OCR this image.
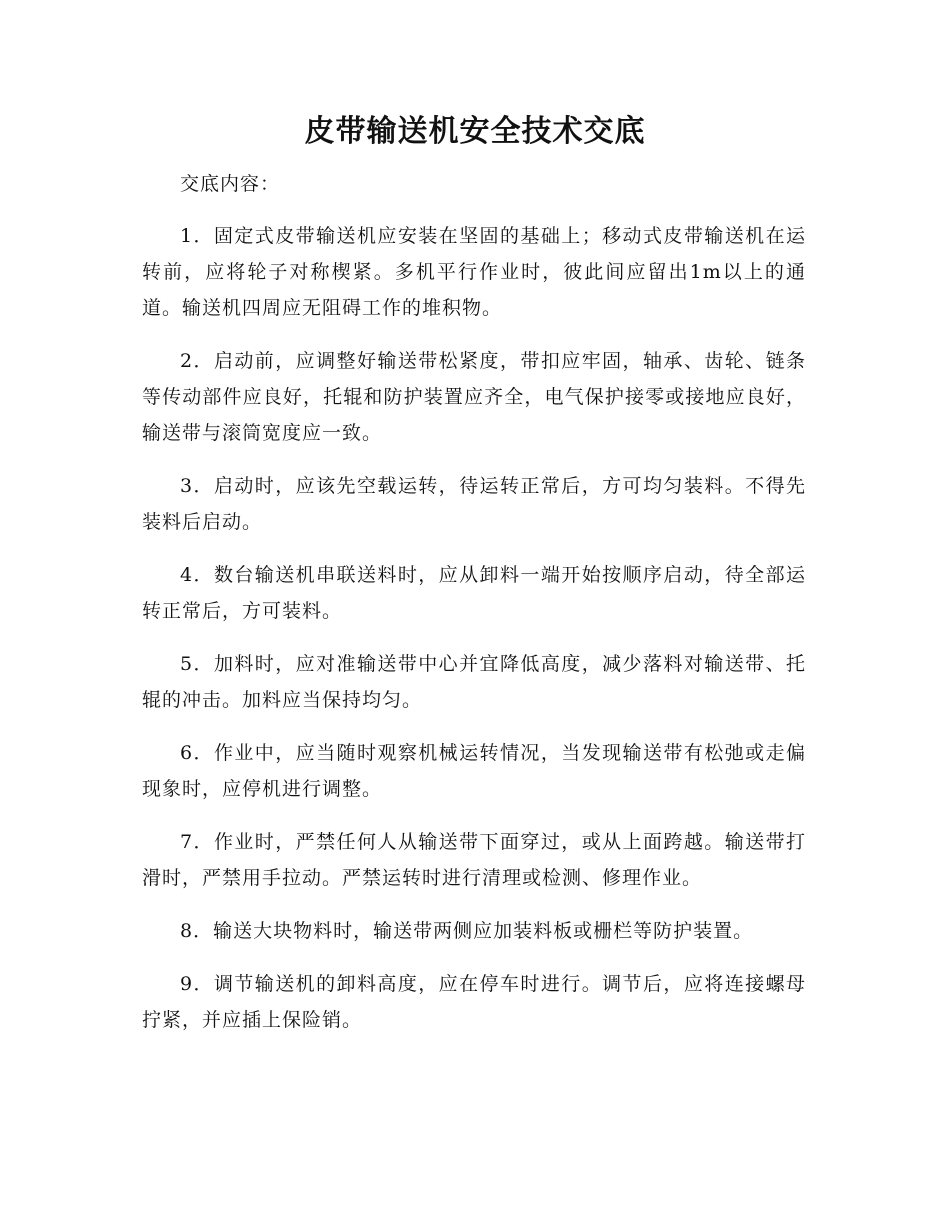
皮带输送机安全技术交底

交底内容：

1．固定式皮带输送机应安装在坚固的基础上；移动式皮带输送机在运转前，应将轮子对称楔紧。多机平行作业时，彼此间应留出1m以上的通道。输送机四周应无阻碍工作的堆积物。

2．启动前，应调整好输送带松紧度，带扣应牢固，轴承、齿轮、链条等传动部件应良好，托辊和防护装置应齐全，电气保护接零或接地应良好，输送带与滚筒宽度应一致。

3．启动时，应该先空载运转，待运转正常后，方可均匀装料。不得先装料后启动。

4．数台输送机串联送料时，应从卸料一端开始按顺序启动，待全部运转正常后，方可装料。

5．加料时，应对准输送带中心并宜降低高度，减少落料对输送带、托辊的冲击。加料应当保持均匀。

6．作业中，应当随时观察机械运转情况，当发现输送带有松弛或走偏现象时，应停机进行调整。

7．作业时，严禁任何人从输送带下面穿过，或从上面跨越。输送带打滑时，严禁用手拉动。严禁运转时进行清理或检测、修理作业。

8．输送大块物料时，输送带两侧应加装料板或栅栏等防护装置。

9．调节输送机的卸料高度，应在停车时进行。调节后，应将连接螺母拧紧，并应插上保险销。
